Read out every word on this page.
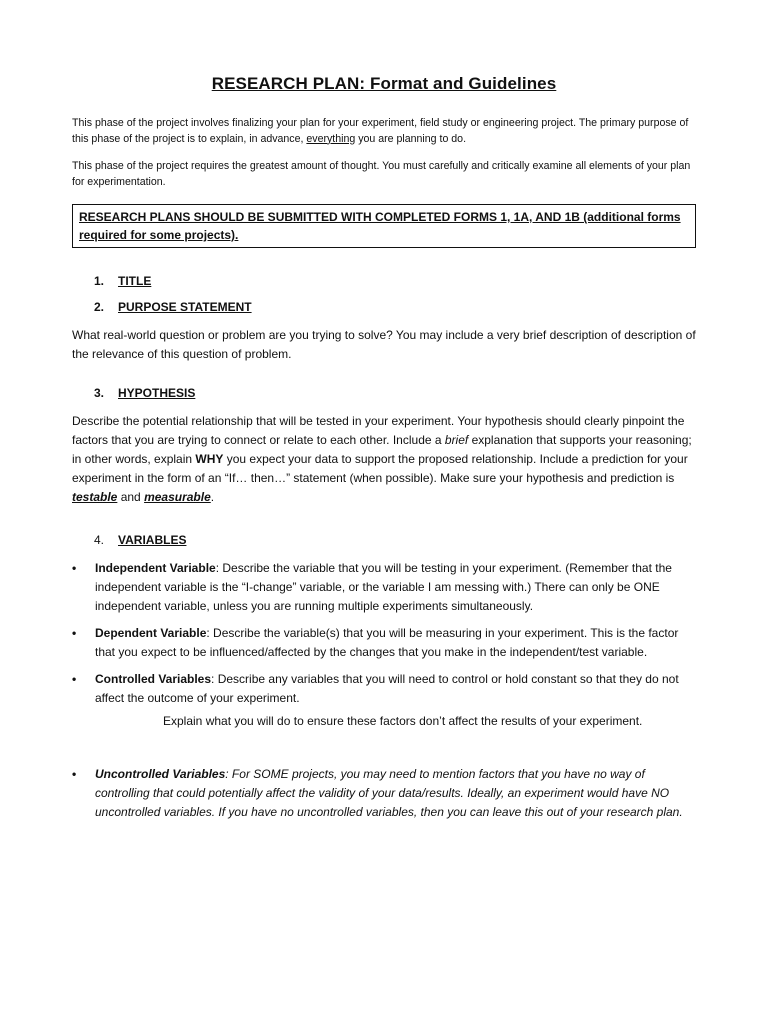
RESEARCH PLAN: Format and Guidelines

This phase of the project involves finalizing your plan for your experiment, field study or engineering project. The primary purpose of this phase of the project is to explain, in advance, everything you are planning to do.

This phase of the project requires the greatest amount of thought. You must carefully and critically examine all elements of your plan for experimentation.

RESEARCH PLANS SHOULD BE SUBMITTED WITH COMPLETED FORMS 1, 1A, AND 1B (additional forms required for some projects).
1. TITLE
2. PURPOSE STATEMENT

What real-world question or problem are you trying to solve? You may include a very brief description of description of the relevance of this question of problem.

3. HYPOTHESIS

Describe the potential relationship that will be tested in your experiment. Your hypothesis should clearly pinpoint the factors that you are trying to connect or relate to each other. Include a brief explanation that supports your reasoning; in other words, explain WHY you expect your data to support the proposed relationship. Include a prediction for your experiment in the form of an “If… then…” statement (when possible). Make sure your hypothesis and prediction is testable and measurable.

4. VARIABLES
• Independent Variable: Describe the variable that you will be testing in your experiment. (Remember that the independent variable is the “I-change” variable, or the variable I am messing with.) There can only be ONE independent variable, unless you are running multiple experiments simultaneously.
• Dependent Variable: Describe the variable(s) that you will be measuring in your experiment. This is the factor that you expect to be influenced/affected by the changes that you make in the independent/test variable.
• Controlled Variables: Describe any variables that you will need to control or hold constant so that they do not affect the outcome of your experiment.
Explain what you will do to ensure these factors don’t affect the results of your experiment.
• Uncontrolled Variables: For SOME projects, you may need to mention factors that you have no way of controlling that could potentially affect the validity of your data/results. Ideally, an experiment would have NO uncontrolled variables. If you have no uncontrolled variables, then you can leave this out of your research plan.
